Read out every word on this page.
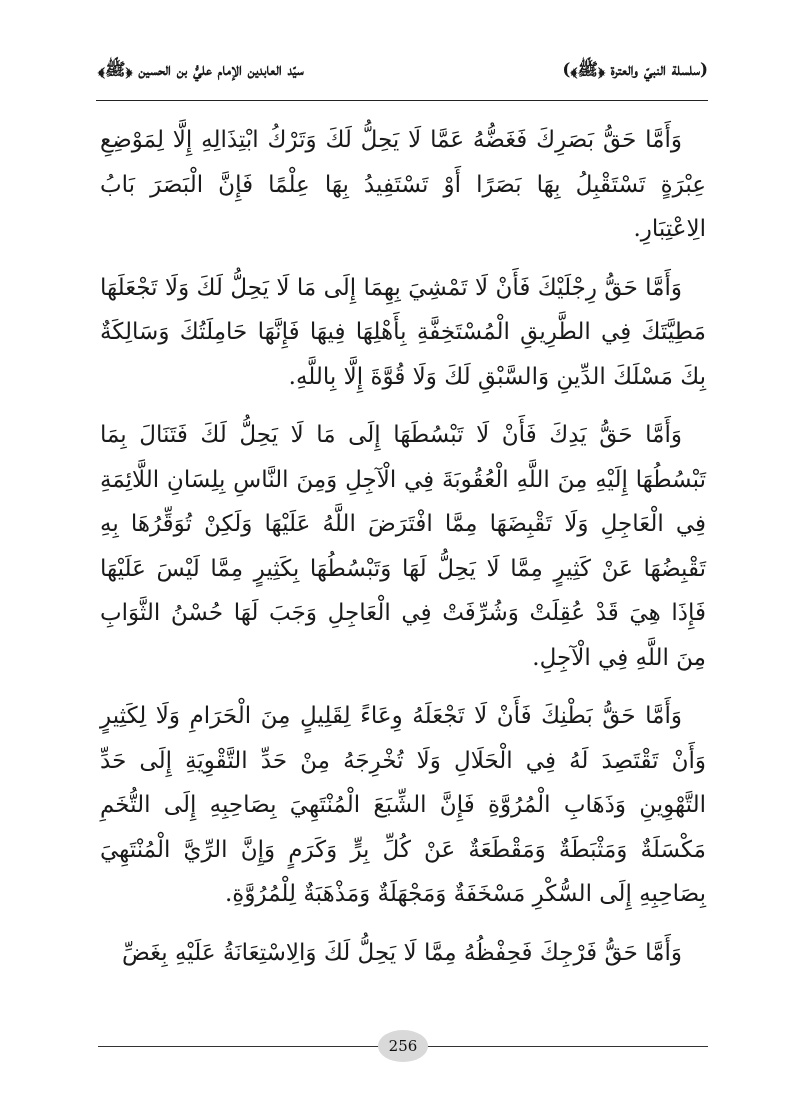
(سلسلة النبيّ والعترة ﴿ﷺ﴾)
سيّد العابدين الإمام عليُّ بن الحسين ﴿ﷺ﴾

وَأَمَّا حَقُّ بَصَرِكَ فَغَضُّهُ عَمَّا لَا يَحِلُّ لَكَ وَتَرْكُ ابْتِذَالِهِ إِلَّا لِمَوْضِعِ عِبْرَةٍ تَسْتَقْبِلُ بِهَا بَصَرًا أَوْ تَسْتَفِيدُ بِهَا عِلْمًا فَإِنَّ الْبَصَرَ بَابُ الِاعْتِبَارِ.

وَأَمَّا حَقُّ رِجْلَيْكَ فَأَنْ لَا تَمْشِيَ بِهِمَا إِلَى مَا لَا يَحِلُّ لَكَ وَلَا تَجْعَلَهَا مَطِيَّتَكَ فِي الطَّرِيقِ الْمُسْتَخِفَّةِ بِأَهْلِهَا فِيهَا فَإِنَّهَا حَامِلَتُكَ وَسَالِكَةٌ بِكَ مَسْلَكَ الدِّينِ وَالسَّبْقِ لَكَ وَلَا قُوَّةَ إِلَّا بِاللَّهِ.

وَأَمَّا حَقُّ يَدِكَ فَأَنْ لَا تَبْسُطَهَا إِلَى مَا لَا يَحِلُّ لَكَ فَتَنَالَ بِمَا تَبْسُطُهَا إِلَيْهِ مِنَ اللَّهِ الْعُقُوبَةَ فِي الْآجِلِ وَمِنَ النَّاسِ بِلِسَانِ اللَّائِمَةِ فِي الْعَاجِلِ وَلَا تَقْبِضَهَا مِمَّا افْتَرَضَ اللَّهُ عَلَيْهَا وَلَكِنْ تُوَقِّرُهَا بِهِ تَقْبِضُهَا عَنْ كَثِيرٍ مِمَّا لَا يَحِلُّ لَهَا وَتَبْسُطُهَا بِكَثِيرٍ مِمَّا لَيْسَ عَلَيْهَا فَإِذَا هِيَ قَدْ عُقِلَتْ وَشُرِّفَتْ فِي الْعَاجِلِ وَجَبَ لَهَا حُسْنُ الثَّوَابِ مِنَ اللَّهِ فِي الْآجِلِ.

وَأَمَّا حَقُّ بَطْنِكَ فَأَنْ لَا تَجْعَلَهُ وِعَاءً لِقَلِيلٍ مِنَ الْحَرَامِ وَلَا لِكَثِيرٍ وَأَنْ تَقْتَصِدَ لَهُ فِي الْحَلَالِ وَلَا تُخْرِجَهُ مِنْ حَدِّ التَّقْوِيَةِ إِلَى حَدِّ التَّهْوِينِ وَذَهَابِ الْمُرُوَّةِ فَإِنَّ الشِّبَعَ الْمُنْتَهِيَ بِصَاحِبِهِ إِلَى التُّخَمِ مَكْسَلَةٌ وَمَثْبَطَةٌ وَمَقْطَعَةٌ عَنْ كُلِّ بِرٍّ وَكَرَمٍ وَإِنَّ الرِّيَّ الْمُنْتَهِيَ بِصَاحِبِهِ إِلَى السُّكْرِ مَسْخَفَةٌ وَمَجْهَلَةٌ وَمَذْهَبَةٌ لِلْمُرُوَّةِ.

وَأَمَّا حَقُّ فَرْجِكَ فَحِفْظُهُ مِمَّا لَا يَحِلُّ لَكَ وَالِاسْتِعَانَةُ عَلَيْهِ بِغَضِّ

256
